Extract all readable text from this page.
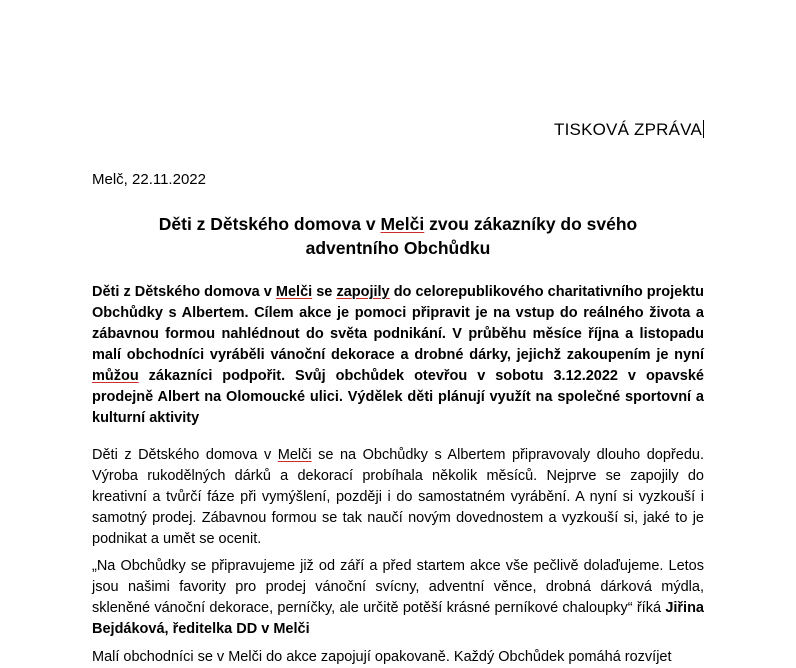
TISKOVÁ ZPRÁVA
Melč, 22.11.2022
Děti z Dětského domova v Melči zvou zákazníky do svého
adventního Obchůdku
Děti z Dětského domova v Melči se zapojily do celorepublikového charitativního projektu Obchůdky s Albertem. Cílem akce je pomoci připravit je na vstup do reálného života a zábavnou formou nahlédnout do světa podnikání. V průběhu měsíce října a listopadu malí obchodníci vyráběli vánoční dekorace a drobné dárky, jejichž zakoupením je nyní můžou zákazníci podpořit. Svůj obchůdek otevřou v sobotu 3.12.2022 v opavské prodejně Albert na Olomoucké ulici. Výdělek děti plánují využít na společné sportovní a kulturní aktivity
Děti z Dětského domova v Melči se na Obchůdky s Albertem připravovaly dlouho dopředu. Výroba rukodělných dárků a dekorací probíhala několik měsíců. Nejprve se zapojily do kreativní a tvůrčí fáze při vymýšlení, později i do samostatném vyrábění. A nyní si vyzkouší i samotný prodej. Zábavnou formou se tak naučí novým dovednostem a vyzkouší si, jaké to je podnikat a umět se ocenit.
„Na Obchůdky se připravujeme již od září a před startem akce vše pečlivě dolaďujeme. Letos jsou našimi favority pro prodej vánoční svícny, adventní věnce, drobná dárková mýdla, skleněné vánoční dekorace, perníčky, ale určitě potěší krásné perníkové chaloupky“ říká Jiřina Bejdáková, ředitelka DD v Melči
Malí obchodníci se v Melči do akce zapojují opakovaně. Každý Obchůdek pomáhá rozvíjet
